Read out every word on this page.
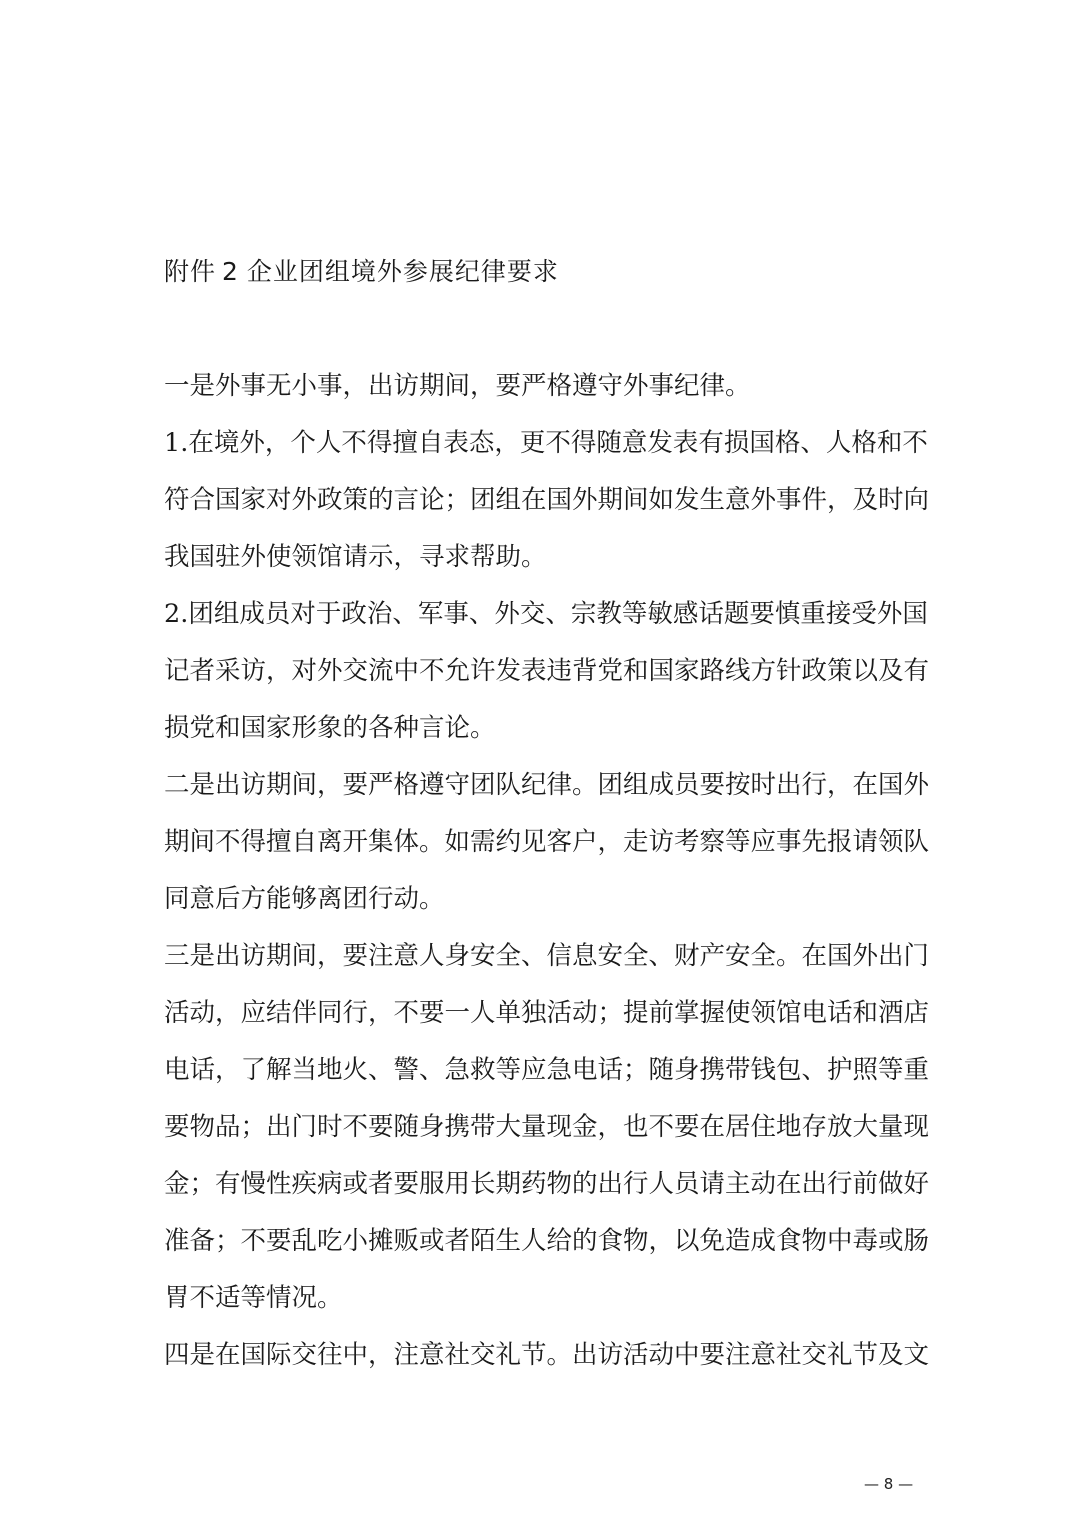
附件 2 企业团组境外参展纪律要求
一是外事无小事，出访期间，要严格遵守外事纪律。
1.在境外，个人不得擅自表态，更不得随意发表有损国格、人格和不
符合国家对外政策的言论；团组在国外期间如发生意外事件，及时向
我国驻外使领馆请示，寻求帮助。
2.团组成员对于政治、军事、外交、宗教等敏感话题要慎重接受外国
记者采访，对外交流中不允许发表违背党和国家路线方针政策以及有
损党和国家形象的各种言论。
二是出访期间，要严格遵守团队纪律。团组成员要按时出行，在国外
期间不得擅自离开集体。如需约见客户，走访考察等应事先报请领队
同意后方能够离团行动。
三是出访期间，要注意人身安全、信息安全、财产安全。在国外出门
活动，应结伴同行，不要一人单独活动；提前掌握使领馆电话和酒店
电话，了解当地火、警、急救等应急电话；随身携带钱包、护照等重
要物品；出门时不要随身携带大量现金，也不要在居住地存放大量现
金；有慢性疾病或者要服用长期药物的出行人员请主动在出行前做好
准备；不要乱吃小摊贩或者陌生人给的食物，以免造成食物中毒或肠
胃不适等情况。
四是在国际交往中，注意社交礼节。出访活动中要注意社交礼节及文
— 8 —
